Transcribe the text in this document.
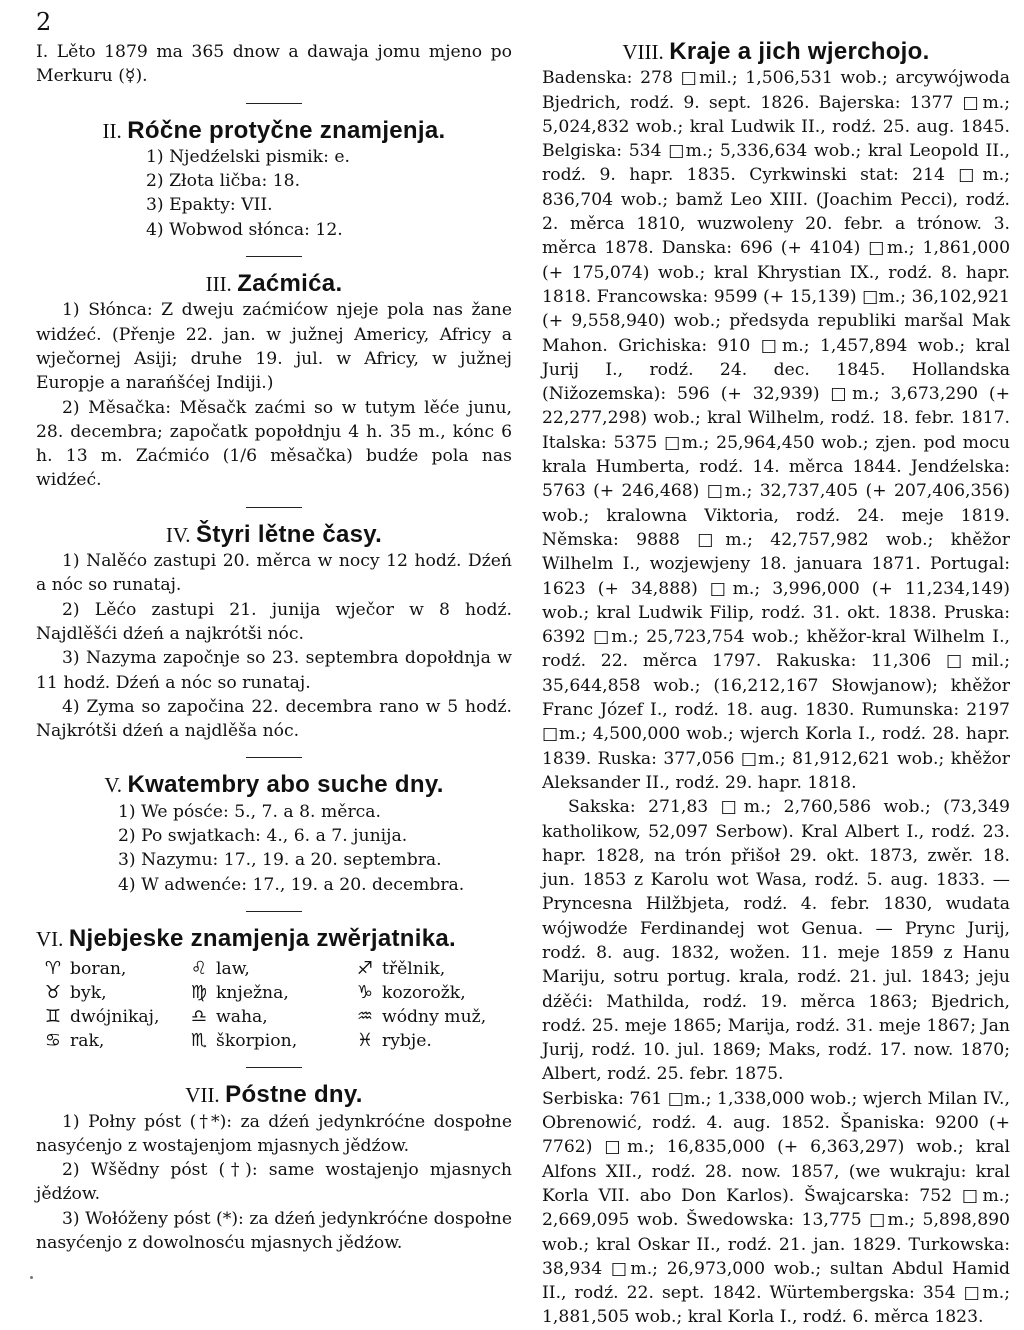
2

I. Lěto 1879 ma 365 dnow a dawaja jomu mjeno po Merkuru (☿).

II. Róčne protyčne znamjenja.
1) Njedźelski pismik: e.
2) Złota ličba: 18.
3) Epakty: VII.
4) Wobwod słónca: 12.
III. Zaćmića.

1) Słónca: Z dweju zaćmićow njeje pola nas žane widźeć. (Přenje 22. jan. w južnej Americy, Africy a wječornej Asiji; druhe 19. jul. w Africy, w južnej Europje a narańšćej Indiji.)

2) Měsačka: Měsačk zaćmi so w tutym lěće junu, 28. decembra; započatk popołdnju 4 h. 35 m., kónc 6 h. 13 m. Zaćmićo (1/6 měsačka) budźe pola nas widźeć.

IV. Štyri lětne časy.

1) Nalěćo zastupi 20. měrca w nocy 12 hodź. Dźeń a nóc so runataj.

2) Lěćo zastupi 21. junija wječor w 8 hodź. Najdlěšći dźeń a najkrótši nóc.

3) Nazyma započnje so 23. septembra dopołdnja w 11 hodź. Dźeń a nóc so runataj.

4) Zyma so započina 22. decembra rano w 5 hodź. Najkrótši dźeń a najdlěša nóc.

V. Kwatembry abo suche dny.
1) We pósće: 5., 7. a 8. měrca.
2) Po swjatkach: 4., 6. a 7. junija.
3) Nazymu: 17., 19. a 20. septembra.
4) W adwenće: 17., 19. a 20. decembra.
VI. Njebjeske znamjenja zwěrjatnika.
♈ boran,	♌ law,	♐ třělnik,
♉ byk,	♍ knježna,	♑ kozorožk,
♊ dwójnikaj,	♎ waha,	♒ wódny muž,
♋ rak,	♏ škorpion,	♓ rybje.
VII. Póstne dny.

1) Połny póst (†*): za dźeń jedynkróćne dospołne nasyćenjo z wostajenjom mjasnych jědźow.

2) Wšědny póst (†): same wostajenjo mjasnych jědźow.

3) Wołóženy póst (*): za dźeń jedynkróćne dospołne nasyćenjo z dowolnosću mjasnych jědźow.

VIII. Kraje a jich wjerchojo.

Badenska: 278 □mil.; 1,506,531 wob.; arcywójwoda Bjedrich, rodź. 9. sept. 1826. Bajerska: 1377 □m.; 5,024,832 wob.; kral Ludwik II., rodź. 25. aug. 1845. Belgiska: 534 □m.; 5,336,634 wob.; kral Leopold II., rodź. 9. hapr. 1835. Cyrkwinski stat: 214 □m.; 836,704 wob.; bamž Leo XIII. (Joachim Pecci), rodź. 2. měrca 1810, wuzwoleny 20. febr. a trónow. 3. měrca 1878. Danska: 696 (+ 4104) □m.; 1,861,000 (+ 175,074) wob.; kral Khrystian IX., rodź. 8. hapr. 1818. Francowska: 9599 (+ 15,139) □m.; 36,102,921 (+ 9,558,940) wob.; předsyda republiki maršal Mak Mahon. Grichiska: 910 □m.; 1,457,894 wob.; kral Jurij I., rodź. 24. dec. 1845. Hollandska (Nižozemska): 596 (+ 32,939) □m.; 3,673,290 (+ 22,277,298) wob.; kral Wilhelm, rodź. 18. febr. 1817. Italska: 5375 □m.; 25,964,450 wob.; zjen. pod mocu krala Humberta, rodź. 14. měrca 1844. Jendźelska: 5763 (+ 246,468) □m.; 32,737,405 (+ 207,406,356) wob.; kralowna Viktoria, rodź. 24. meje 1819. Němska: 9888 □m.; 42,757,982 wob.; khěžor Wilhelm I., wozjewjeny 18. januara 1871. Portugal: 1623 (+ 34,888) □m.; 3,996,000 (+ 11,234,149) wob.; kral Ludwik Filip, rodź. 31. okt. 1838. Pruska: 6392 □m.; 25,723,754 wob.; khěžor-kral Wilhelm I., rodź. 22. měrca 1797. Rakuska: 11,306 □mil.; 35,644,858 wob.; (16,212,167 Słowjanow); khěžor Franc Józef I., rodź. 18. aug. 1830. Rumunska: 2197 □m.; 4,500,000 wob.; wjerch Korla I., rodź. 28. hapr. 1839. Ruska: 377,056 □m.; 81,912,621 wob.; khěžor Aleksander II., rodź. 29. hapr. 1818.

Sakska: 271,83 □m.; 2,760,586 wob.; (73,349 katholikow, 52,097 Serbow). Kral Albert I., rodź. 23. hapr. 1828, na trón přišoł 29. okt. 1873, zwěr. 18. jun. 1853 z Karolu wot Wasa, rodź. 5. aug. 1833. — Pryncesna Hilžbjeta, rodź. 4. febr. 1830, wudata wójwodźe Ferdinandej wot Genua. — Prync Jurij, rodź. 8. aug. 1832, wožen. 11. meje 1859 z Hanu Mariju, sotru portug. krala, rodź. 21. jul. 1843; jeju dźěći: Mathilda, rodź. 19. měrca 1863; Bjedrich, rodź. 25. meje 1865; Marija, rodź. 31. meje 1867; Jan Jurij, rodź. 10. jul. 1869; Maks, rodź. 17. now. 1870; Albert, rodź. 25. febr. 1875.

Serbiska: 761 □m.; 1,338,000 wob.; wjerch Milan IV., Obrenowić, rodź. 4. aug. 1852. Španiska: 9200 (+ 7762) □m.; 16,835,000 (+ 6,363,297) wob.; kral Alfons XII., rodź. 28. now. 1857, (we wukraju: kral Korla VII. abo Don Karlos). Šwajcarska: 752 □m.; 2,669,095 wob. Šwedowska: 13,775 □m.; 5,898,890 wob.; kral Oskar II., rodź. 21. jan. 1829. Turkowska: 38,934 □m.; 26,973,000 wob.; sultan Abdul Hamid II., rodź. 22. sept. 1842. Würtembergska: 354 □m.; 1,881,505 wob.; kral Korla I., rodź. 6. měrca 1823.
